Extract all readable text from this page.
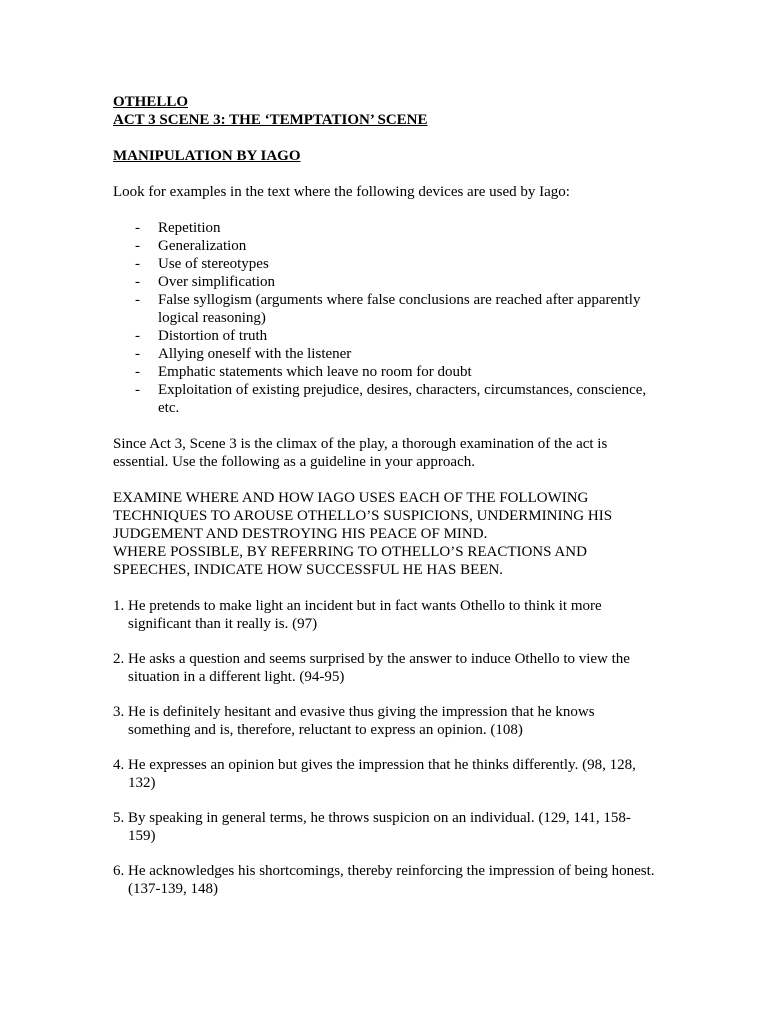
OTHELLO

ACT 3 SCENE 3: THE ‘TEMPTATION’ SCENE

MANIPULATION BY IAGO

Look for examples in the text where the following devices are used by Iago:

- Repetition
- Generalization
- Use of stereotypes
- Over simplification
- False syllogism (arguments where false conclusions are reached after apparently logical reasoning)
- Distortion of truth
- Allying oneself with the listener
- Emphatic statements which leave no room for doubt
- Exploitation of existing prejudice, desires, characters, circumstances, conscience, etc.

Since Act 3, Scene 3 is the climax of the play, a thorough examination of the act is essential. Use the following as a guideline in your approach.

EXAMINE WHERE AND HOW IAGO USES EACH OF THE FOLLOWING TECHNIQUES TO AROUSE OTHELLO’S SUSPICIONS, UNDERMINING HIS JUDGEMENT AND DESTROYING HIS PEACE OF MIND.

WHERE POSSIBLE, BY REFERRING TO OTHELLO’S REACTIONS AND SPEECHES, INDICATE HOW SUCCESSFUL HE HAS BEEN.

1. He pretends to make light an incident but in fact wants Othello to think it more significant than it really is. (97)
2. He asks a question and seems surprised by the answer to induce Othello to view the situation in a different light. (94-95)
3. He is definitely hesitant and evasive thus giving the impression that he knows something and is, therefore, reluctant to express an opinion. (108)
4. He expresses an opinion but gives the impression that he thinks differently. (98, 128, 132)
5. By speaking in general terms, he throws suspicion on an individual. (129, 141, 158-159)
6. He acknowledges his shortcomings, thereby reinforcing the impression of being honest. (137-139, 148)
